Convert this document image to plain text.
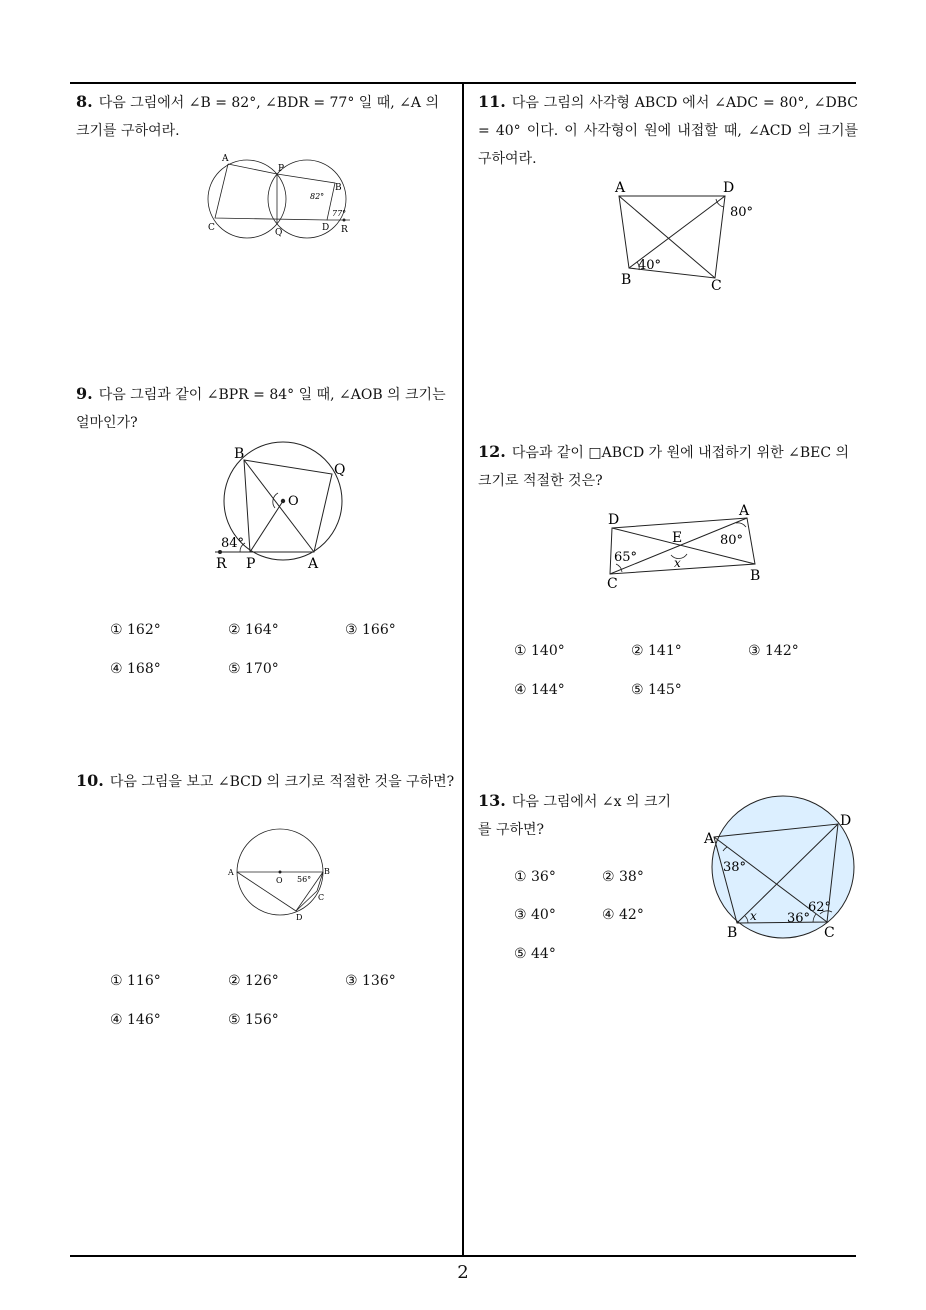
8. 다음 그림에서 ∠B = 82°, ∠BDR = 77° 일 때, ∠A 의 크기를 구하여라.
A
P
B
C	Q	D R
82°
77°
9. 다음 그림과 같이 ∠BPR = 84° 일 때, ∠AOB 의 크기는 얼마인가?
B
Q
O
R P	A
84°
① 162°	② 164°	③ 166°
④ 168°	⑤ 170°
10. 다음 그림을 보고 ∠BCD 의 크기로 적절한 것을 구하면?
A
O
B
C
D
56°
① 116°	② 126°	③ 136°
④ 146°	⑤ 156°
11. 다음 그림의 사각형 ABCD 에서 ∠ADC = 80°, ∠DBC = 40° 이다. 이 사각형이 원에 내접할 때, ∠ACD 의 크기를 구하여라.
A	D
B	C
80°
40°
12. 다음과 같이 □ABCD 가 원에 내접하기 위한 ∠BEC 의 크기로 적절한 것은?
D
A
E
C	B
65°
80°
x
① 140°	② 141°	③ 142°
④ 144°	⑤ 145°
13. 다음 그림에서 ∠x 의 크기를 구하면?
A
D
B	C
38°
36°
62°
x
① 36°	② 38°
③ 40°	④ 42°
⑤ 44°
2
